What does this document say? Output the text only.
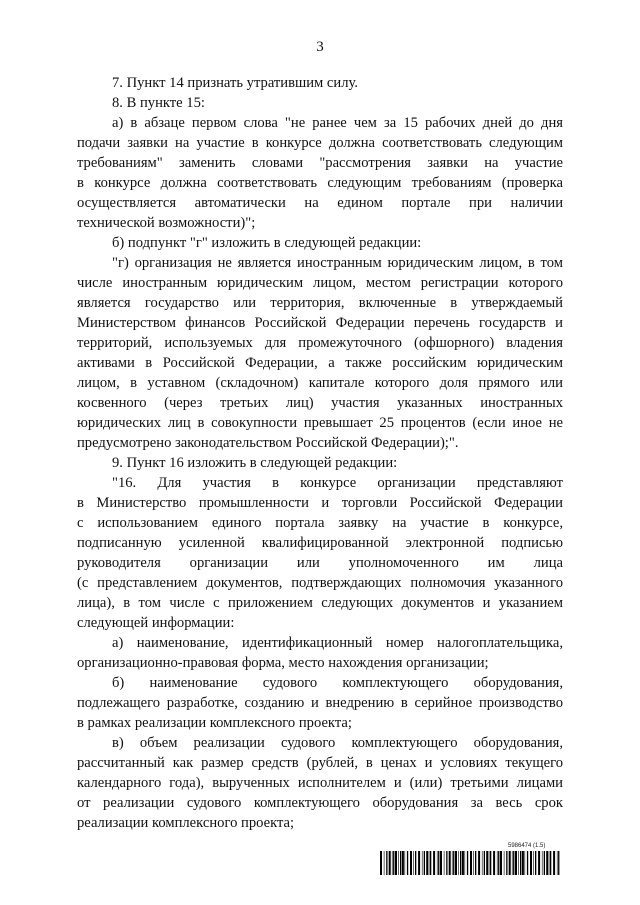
3
7. Пункт 14 признать утратившим силу.
8. В пункте 15:
а) в абзаце первом слова "не ранее чем за 15 рабочих дней до дня
подачи заявки на участие в конкурсе должна соответствовать следующим
требованиям" заменить словами "рассмотрения заявки на участие
в конкурсе должна соответствовать следующим требованиям (проверка
осуществляется автоматически на едином портале при наличии
технической возможности)";
б) подпункт "г" изложить в следующей редакции:
"г) организация не является иностранным юридическим лицом, в том
числе иностранным юридическим лицом, местом регистрации которого
является государство или территория, включенные в утверждаемый
Министерством финансов Российской Федерации перечень государств и
территорий, используемых для промежуточного (офшорного) владения
активами в Российской Федерации, а также российским юридическим
лицом, в уставном (складочном) капитале которого доля прямого или
косвенного (через третьих лиц) участия указанных иностранных
юридических лиц в совокупности превышает 25 процентов (если иное не
предусмотрено законодательством Российской Федерации);".
9. Пункт 16 изложить в следующей редакции:
"16. Для участия в конкурсе организации представляют
в Министерство промышленности и торговли Российской Федерации
с использованием единого портала заявку на участие в конкурсе,
подписанную усиленной квалифицированной электронной подписью
руководителя организации или уполномоченного им лица
(с представлением документов, подтверждающих полномочия указанного
лица), в том числе с приложением следующих документов и указанием
следующей информации:
а) наименование, идентификационный номер налогоплательщика,
организационно-правовая форма, место нахождения организации;
б) наименование судового комплектующего оборудования,
подлежащего разработке, созданию и внедрению в серийное производство
в рамках реализации комплексного проекта;
в) объем реализации судового комплектующего оборудования,
рассчитанный как размер средств (рублей, в ценах и условиях текущего
календарного года), вырученных исполнителем и (или) третьими лицами
от реализации судового комплектующего оборудования за весь срок
реализации комплексного проекта;
5986474 (1.5)
